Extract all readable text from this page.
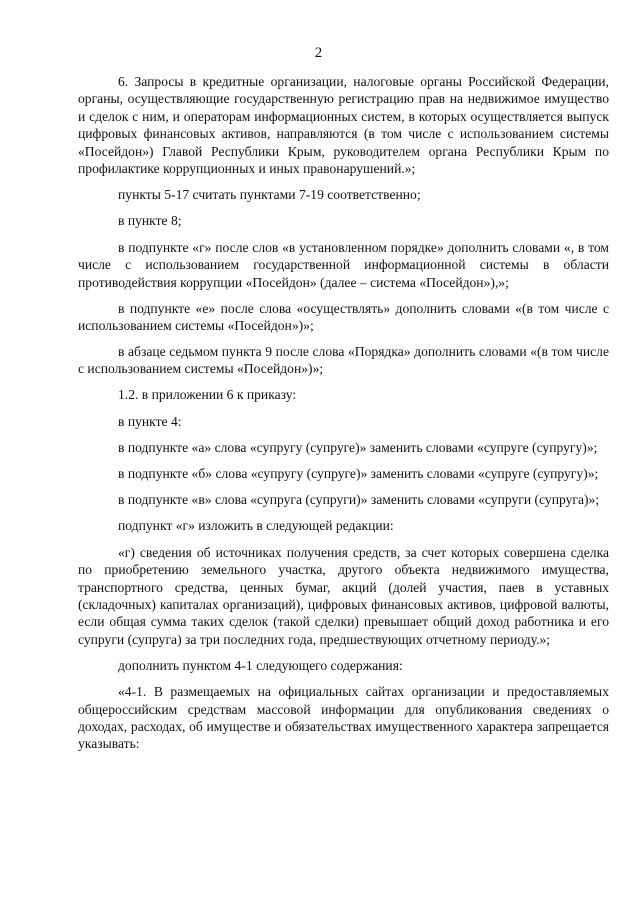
2

6. Запросы в кредитные организации, налоговые органы Российской Федерации, органы, осуществляющие государственную регистрацию прав на недвижимое имущество и сделок с ним, и операторам информационных систем, в которых осуществляется выпуск цифровых финансовых активов, направляются (в том числе с использованием системы «Посейдон») Главой Республики Крым, руководителем органа Республики Крым по профилактике коррупционных и иных правонарушений.»;

пункты 5-17 считать пунктами 7-19 соответственно;

в пункте 8;

в подпункте «г» после слов «в установленном порядке» дополнить словами «, в том числе с использованием государственной информационной системы в области противодействия коррупции «Посейдон» (далее – система «Посейдон»),»;

в подпункте «е» после слова «осуществлять» дополнить словами «(в том числе с использованием системы «Посейдон»)»;

в абзаце седьмом пункта 9 после слова «Порядка» дополнить словами «(в том числе с использованием системы «Посейдон»)»;

1.2. в приложении 6 к приказу:

в пункте 4:

в подпункте «а» слова «супругу (супруге)» заменить словами «супруге (супругу)»;

в подпункте «б» слова «супругу (супруге)» заменить словами «супруге (супругу)»;

в подпункте «в» слова «супруга (супруги)» заменить словами «супруги (супруга)»;

подпункт «г» изложить в следующей редакции:

«г) сведения об источниках получения средств, за счет которых совершена сделка по приобретению земельного участка, другого объекта недвижимого имущества, транспортного средства, ценных бумаг, акций (долей участия, паев в уставных (складочных) капиталах организаций), цифровых финансовых активов, цифровой валюты, если общая сумма таких сделок (такой сделки) превышает общий доход работника и его супруги (супруга) за три последних года, предшествующих отчетному периоду.»;

дополнить пунктом 4-1 следующего содержания:

«4-1. В размещаемых на официальных сайтах организации и предоставляемых общероссийским средствам массовой информации для опубликования сведениях о доходах, расходах, об имуществе и обязательствах имущественного характера запрещается указывать:
